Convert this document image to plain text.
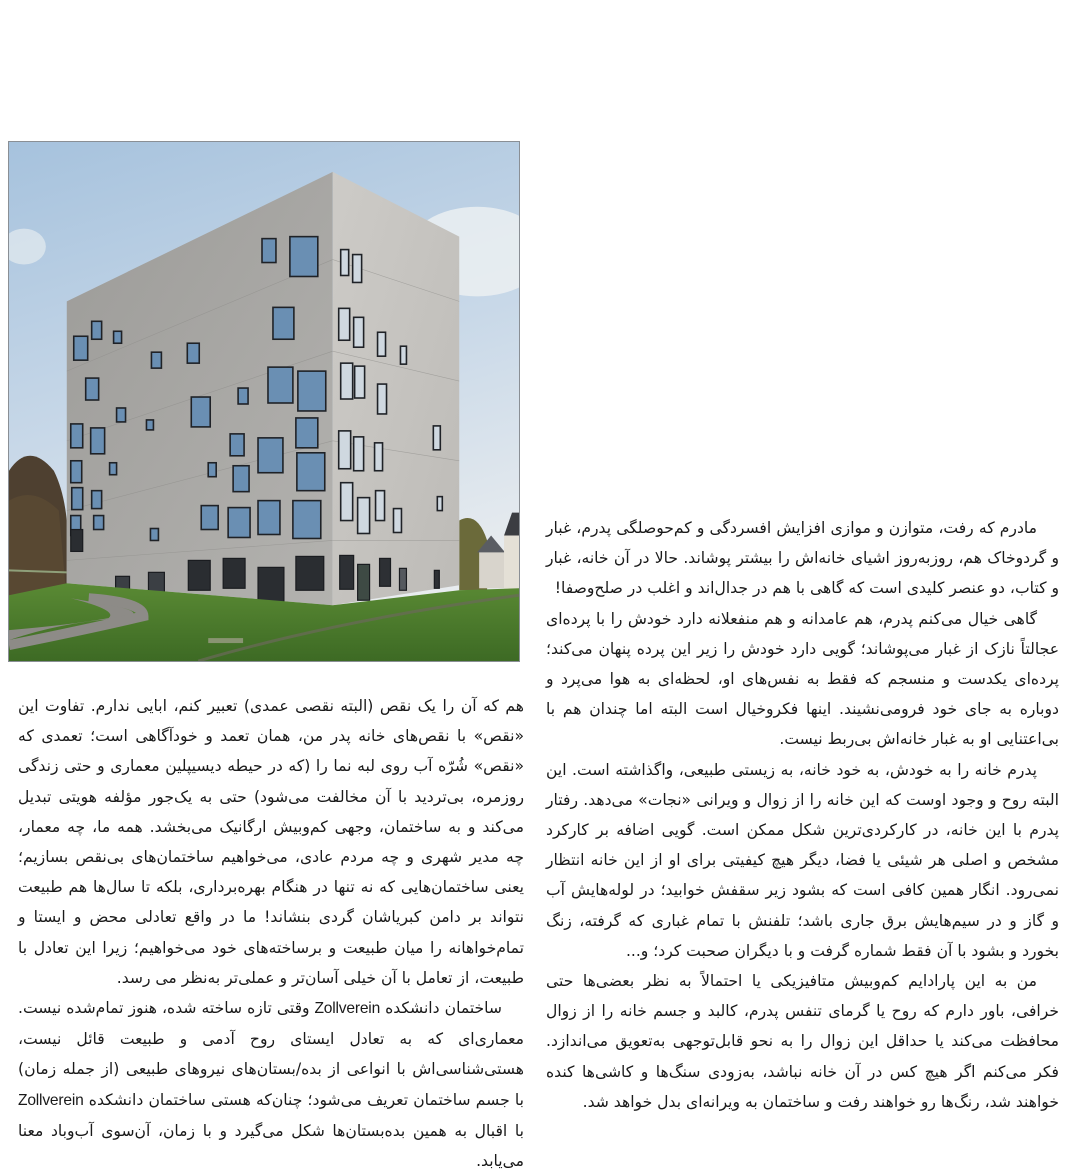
مادرم که رفت، متوازن و موازی افزایش افسردگی و کم‌حوصلگی پدرم، غبار و گردوخاک هم، روزبه‌روز اشیای خانه‌اش را بیشتر پوشاند. حالا در آن خانه، غبار و کتاب، دو عنصر کلیدی است که گاهی با هم در جدال‌اند و اغلب در صلح‌وصفا!

گاهی خیال می‌کنم پدرم، هم عامدانه و هم منفعلانه دارد خودش را با پرده‌ای عجالتاً نازک از غبار می‌پوشاند؛ گویی دارد خودش را زیر این پرده پنهان می‌کند؛ پرده‌ای یکدست و منسجم که فقط به نفس‌های او، لحظه‌ای به هوا می‌پرد و دوباره به جای خود فرومی‌نشیند. اینها فکروخیال است البته اما چندان هم با بی‌اعتنایی او به غبار خانه‌اش بی‌ربط نیست.

پدرم خانه را به خودش، به خود خانه، به زیستی طبیعی، واگذاشته است. این البته روح و وجود اوست که این خانه را از زوال و ویرانی «نجات» می‌دهد. رفتار پدرم با این خانه، در کارکردی‌ترین شکل ممکن است. گویی اضافه بر کارکرد مشخص و اصلی هر شیئی یا فضا، دیگر هیچ کیفیتی برای او از این خانه انتظار نمی‌رود. انگار همین کافی است که بشود زیر سقفش خوابید؛ در لوله‌هایش آب و گاز و در سیم‌هایش برق جاری باشد؛ تلفنش با تمام غباری که گرفته، زنگ بخورد و بشود با آن فقط شماره گرفت و با دیگران صحبت کرد؛ و...

من به این پارادایم کم‌وبیش متافیزیکی یا احتمالاً به نظر بعضی‌ها حتی خرافی، باور دارم که روح یا گرمای تنفس پدرم، کالبد و جسم خانه را از زوال محافظت می‌کند یا حداقل این زوال را به نحو قابل‌توجهی به‌تعویق می‌اندازد. فکر می‌کنم اگر هیچ کس در آن خانه نباشد، به‌زودی سنگ‌ها و کاشی‌ها کنده خواهند شد، رنگ‌ها رو خواهند رفت و ساختمان به ویرانه‌ای بدل خواهد شد.

هم که آن را یک نقص (البته نقصی عمدی) تعبیر کنم، ابایی ندارم. تفاوت این «نقص» با نقص‌های خانه پدر من، همان تعمد و خودآگاهی است؛ تعمدی که «نقص» شُرّه آب روی لبه نما را (که در حیطه دیسیپلین معماری و حتی زندگی روزمره، بی‌تردید با آن مخالفت می‌شود) حتی به یک‌جور مؤلفه هویتی تبدیل می‌کند و به ساختمان، وجهی کم‌وبیش ارگانیک می‌بخشد. همه ما، چه معمار، چه مدیر شهری و چه مردم عادی، می‌خواهیم ساختمان‌های بی‌نقص بسازیم؛ یعنی ساختمان‌هایی که نه تنها در هنگام بهره‌برداری، بلکه تا سال‌ها هم طبیعت نتواند بر دامن کبریاشان گردی بنشاند! ما در واقع تعادلی محض و ایستا و تمام‌خواهانه را میان طبیعت و برساخته‌های خود می‌خواهیم؛ زیرا این تعادل با طبیعت، از تعامل با آن خیلی آسان‌تر و عملی‌تر به‌نظر می رسد.

ساختمان دانشکده Zollverein وقتی تازه ساخته شده، هنوز تمام‌شده نیست. معماری‌ای که به تعادل ایستای روح آدمی و طبیعت قائل نیست، هستی‌شناسی‌اش با انواعی از بده‌/بستان‌های نیروهای طبیعی (از جمله زمان) با جسم ساختمان تعریف می‌شود؛ چنان‌که هستی ساختمان دانشکده Zollverein با اقبال به همین بده‌بستان‌ها شکل می‌گیرد و با زمان، آن‌سوی آب‌وباد معنا می‌یابد.
